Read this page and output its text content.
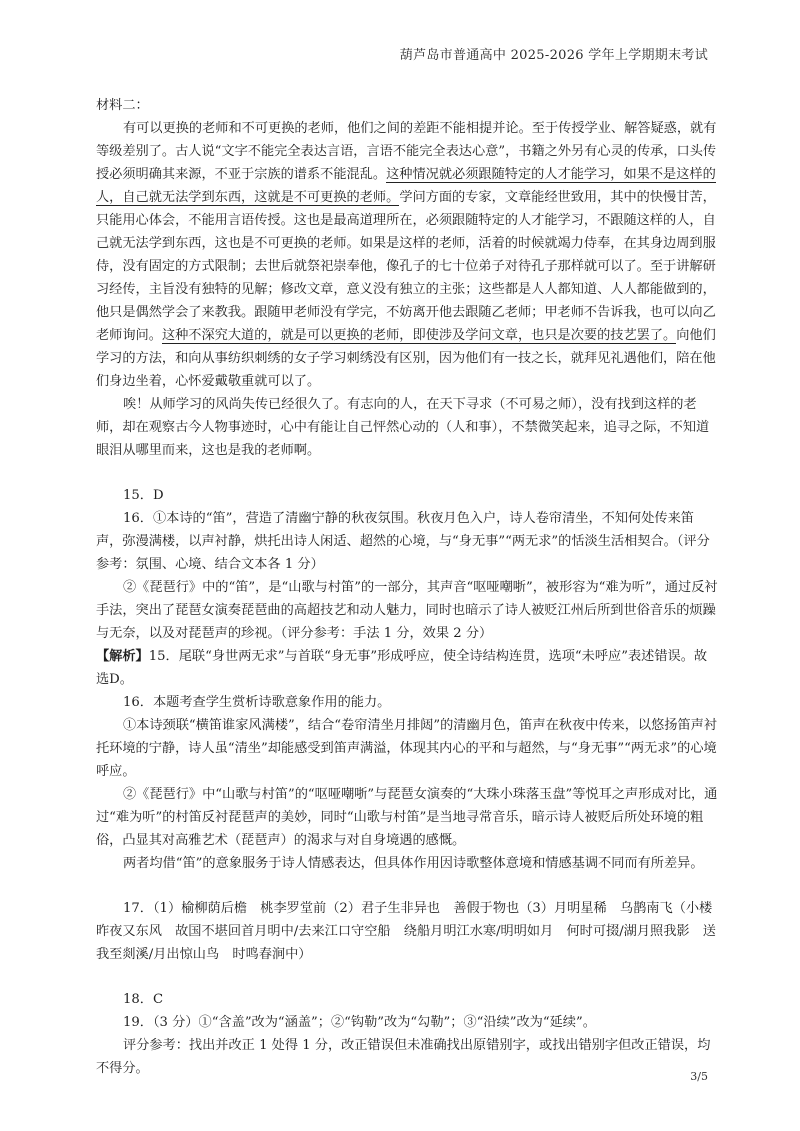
葫芦岛市普通高中 2025-2026 学年上学期期末考试

材料二：

有可以更换的老师和不可更换的老师，他们之间的差距不能相提并论。至于传授学业、解答疑惑，就有等级差别了。古人说“文字不能完全表达言语，言语不能完全表达心意”，书籍之外另有心灵的传承，口头传授必须明确其来源，不亚于宗族的谱系不能混乱。这种情况就必须跟随特定的人才能学习，如果不是这样的人，自己就无法学到东西，这就是不可更换的老师。学问方面的专家，文章能经世致用，其中的快慢甘苦，只能用心体会，不能用言语传授。这也是最高道理所在，必须跟随特定的人才能学习，不跟随这样的人，自己就无法学到东西，这也是不可更换的老师。如果是这样的老师，活着的时候就竭力侍奉，在其身边周到服侍，没有固定的方式限制；去世后就祭祀崇奉他，像孔子的七十位弟子对待孔子那样就可以了。至于讲解研习经传，主旨没有独特的见解；修改文章，意义没有独立的主张；这些都是人人都知道、人人都能做到的，他只是偶然学会了来教我。跟随甲老师没有学完，不妨离开他去跟随乙老师；甲老师不告诉我，也可以向乙老师询问。这种不深究大道的，就是可以更换的老师，即使涉及学问文章，也只是次要的技艺罢了。向他们学习的方法，和向从事纺织刺绣的女子学习刺绣没有区别，因为他们有一技之长，就拜见礼遇他们，陪在他们身边坐着，心怀爱戴敬重就可以了。

唉！从师学习的风尚失传已经很久了。有志向的人，在天下寻求（不可易之师），没有找到这样的老师，却在观察古今人物事迹时，心中有能让自己怦然心动的（人和事），不禁微笑起来，追寻之际，不知道眼泪从哪里而来，这也是我的老师啊。

15．D

16．①本诗的“笛”，营造了清幽宁静的秋夜氛围。秋夜月色入户，诗人卷帘清坐，不知何处传来笛声，弥漫满楼，以声衬静，烘托出诗人闲适、超然的心境，与“身无事”“两无求”的恬淡生活相契合。（评分参考：氛围、心境、结合文本各 1 分）

②《琵琶行》中的“笛”，是“山歌与村笛”的一部分，其声音“呕哑嘲哳”，被形容为“难为听”，通过反衬手法，突出了琵琶女演奏琵琶曲的高超技艺和动人魅力，同时也暗示了诗人被贬江州后所到世俗音乐的烦躁与无奈，以及对琵琶声的珍视。（评分参考：手法 1 分，效果 2 分）

【解析】15．尾联“身世两无求”与首联“身无事”形成呼应，使全诗结构连贯，选项“未呼应”表述错误。故选D。

16．本题考查学生赏析诗歌意象作用的能力。

①本诗颈联“横笛谁家风满楼”，结合“卷帘清坐月排闼”的清幽月色，笛声在秋夜中传来，以悠扬笛声衬托环境的宁静，诗人虽“清坐”却能感受到笛声满溢，体现其内心的平和与超然，与“身无事”“两无求”的心境呼应。

②《琵琶行》中“山歌与村笛”的“呕哑嘲哳”与琵琶女演奏的“大珠小珠落玉盘”等悦耳之声形成对比，通过“难为听”的村笛反衬琵琶声的美妙，同时“山歌与村笛”是当地寻常音乐，暗示诗人被贬后所处环境的粗俗，凸显其对高雅艺术（琵琶声）的渴求与对自身境遇的感慨。

两者均借“笛”的意象服务于诗人情感表达，但具体作用因诗歌整体意境和情感基调不同而有所差异。

17．（1）榆柳荫后檐　桃李罗堂前（2）君子生非异也　善假于物也（3）月明星稀　乌鹊南飞（小楼昨夜又东风　故国不堪回首月明中/去来江口守空船　绕船月明江水寒/明明如月　何时可掇/湖月照我影　送我至剡溪/月出惊山鸟　时鸣春涧中）

18．C

19．（3 分）①“含盖”改为“涵盖”；②“钩勒”改为“勾勒”；③“沿续”改为“延续”。

评分参考：找出并改正 1 处得 1 分，改正错误但未准确找出原错别字，或找出错别字但改正错误，均不得分。

3/5
